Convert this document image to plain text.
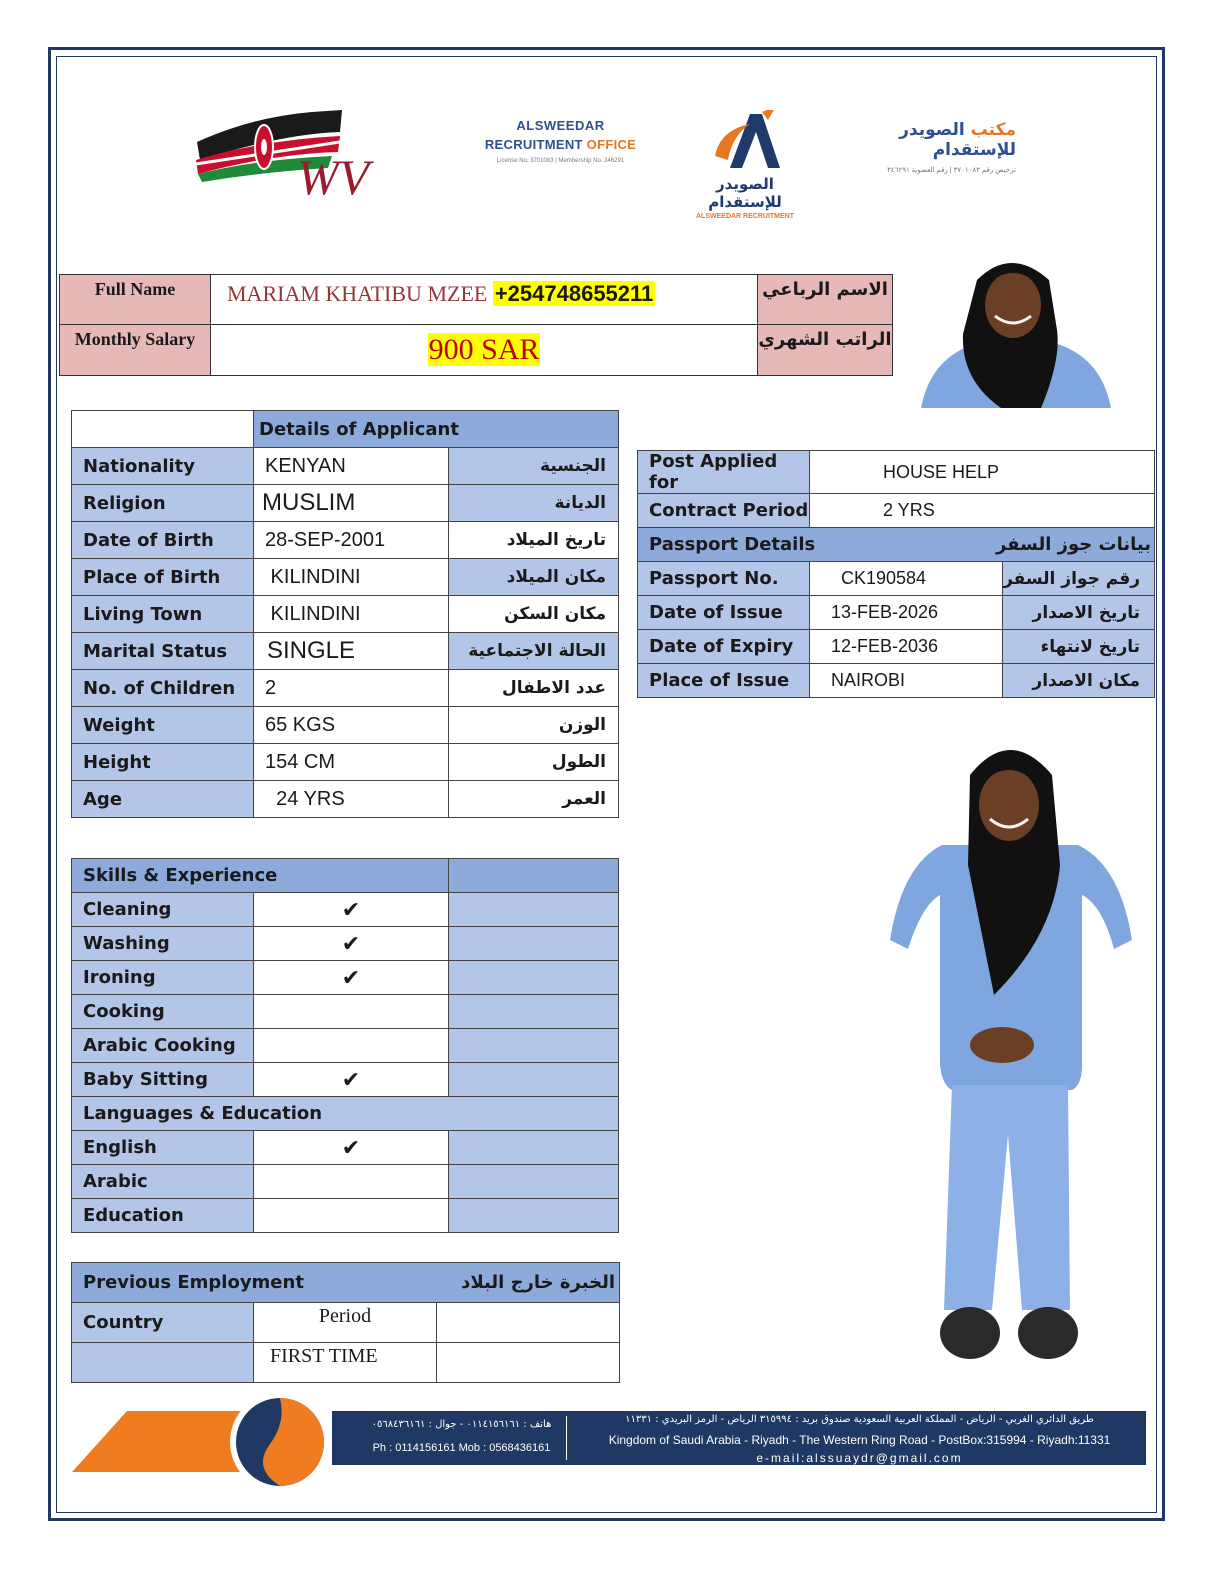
WV
ALSWEEDAR
RECRUITMENT OFFICE
License No. 3701083 | Membership No. 346291
الصويدر للإستقدام
ALSWEEDAR RECRUITMENT
مكتب الصويدر للإستقدام
ترخيص رقم ٣٧٠١٠٨٣ | رقم العضوية ٣٤٦٢٩١
Full Name	MARIAM KHATIBU MZEE +254748655211	الاسم الرباعي
Monthly Salary	900 SAR	الراتب الشهري
	Details of Applicant	
Nationality	KENYAN	الجنسية
Religion	MUSLIM	الديانة
Date of Birth	28-SEP-2001	تاريخ الميلاد
Place of Birth	KILINDINI	مكان الميلاد
Living Town	KILINDINI	مكان السكن
Marital Status	SINGLE	الحالة الاجتماعية
No. of Children	2	عدد الاطفال
Weight	65 KGS	الوزن
Height	154 CM	الطول
Age	24 YRS	العمر
Post Applied for	HOUSE HELP	
Contract Period	2 YRS	
Passport Details بيانات جوز السفر		

Passport No.	CK190584	رقم جواز السفر
Date of Issue	13-FEB-2026	تاريخ الاصدار
Date of Expiry	12-FEB-2036	تاريخ لانتهاء
Place of Issue	NAIROBI	مكان الاصدار
Skills & Experience		
Cleaning	✔	
Washing	✔	
Ironing	✔	
Cooking		
Arabic Cooking		
Baby Sitting	✔	
Languages & Education		
English	✔	
Arabic		
Education		
Previous Employment الخبرة خارج البلاد		

Country	Period	
	FIRST TIME	
هاتف : ٠١١٤١٥٦١٦١ - جوال : ٠٥٦٨٤٣٦١٦١
Ph : 0114156161 Mob : 0568436161
طريق الدائري الغربي - الرياض - المملكة العربية السعودية صندوق بريد : ٣١٥٩٩٤ الرياض - الرمز البريدي : ١١٣٣١
Kingdom of Saudi Arabia - Riyadh - The Western Ring Road - PostBox:315994 - Riyadh:11331
e-mail:alssuaydr@gmail.com
